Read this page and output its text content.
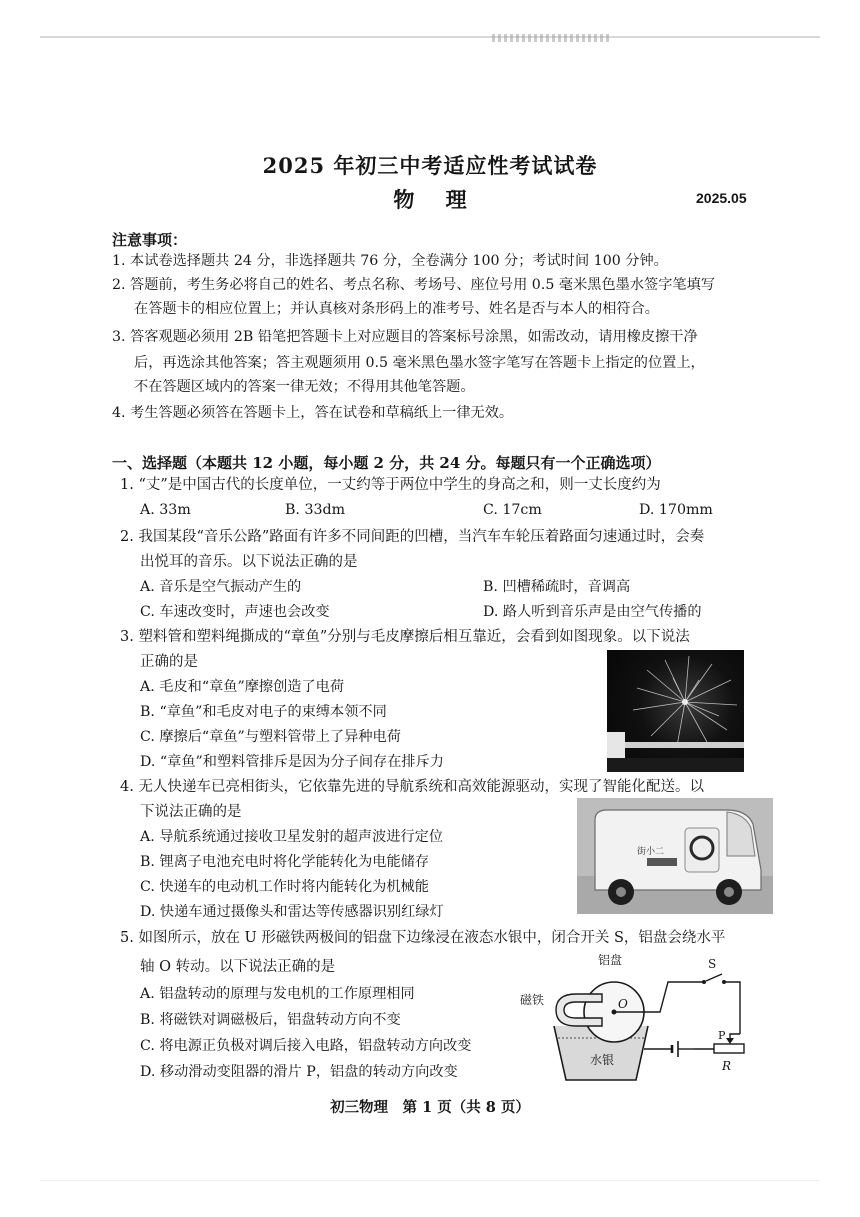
2025 年初三中考适应性考试试卷
物 理	2025.05
注意事项：
1. 本试卷选择题共 24 分，非选择题共 76 分，全卷满分 100 分；考试时间 100 分钟。
2. 答题前，考生务必将自己的姓名、考点名称、考场号、座位号用 0.5 毫米黑色墨水签字笔填写
在答题卡的相应位置上；并认真核对条形码上的准考号、姓名是否与本人的相符合。
3. 答客观题必须用 2B 铅笔把答题卡上对应题目的答案标号涂黑，如需改动，请用橡皮擦干净
后，再选涂其他答案；答主观题须用 0.5 毫米黑色墨水签字笔写在答题卡上指定的位置上，
不在答题区域内的答案一律无效；不得用其他笔答题。
4. 考生答题必须答在答题卡上，答在试卷和草稿纸上一律无效。
一、选择题（本题共 12 小题，每小题 2 分，共 24 分。每题只有一个正确选项）
1. “丈”是中国古代的长度单位，一丈约等于两位中学生的身高之和，则一丈长度约为
A. 33m	B. 33dm	C. 17cm	D. 170mm
2. 我国某段“音乐公路”路面有许多不同间距的凹槽，当汽车车轮压着路面匀速通过时，会奏
出悦耳的音乐。以下说法正确的是
A. 音乐是空气振动产生的	B. 凹槽稀疏时，音调高
C. 车速改变时，声速也会改变	D. 路人听到音乐声是由空气传播的
3. 塑料管和塑料绳撕成的“章鱼”分别与毛皮摩擦后相互靠近，会看到如图现象。以下说法
正确的是
A. 毛皮和“章鱼”摩擦创造了电荷
B. “章鱼”和毛皮对电子的束缚本领不同
C. 摩擦后“章鱼”与塑料管带上了异种电荷
D. “章鱼”和塑料管排斥是因为分子间存在排斥力
4. 无人快递车已亮相街头，它依靠先进的导航系统和高效能源驱动，实现了智能化配送。以
下说法正确的是
A. 导航系统通过接收卫星发射的超声波进行定位
B. 锂离子电池充电时将化学能转化为电能储存
C. 快递车的电动机工作时将内能转化为机械能
D. 快递车通过摄像头和雷达等传感器识别红绿灯
街小二
5. 如图所示，放在 U 形磁铁两极间的铝盘下边缘浸在液态水银中，闭合开关 S，铝盘会绕水平
轴 O 转动。以下说法正确的是
A. 铝盘转动的原理与发电机的工作原理相同
B. 将磁铁对调磁极后，铝盘转动方向不变
C. 将电源正负极对调后接入电路，铝盘转动方向改变
D. 移动滑动变阻器的滑片 P，铝盘的转动方向改变
铝盘	S
磁铁	O
水银
P
R
初三物理　第 1 页（共 8 页）
